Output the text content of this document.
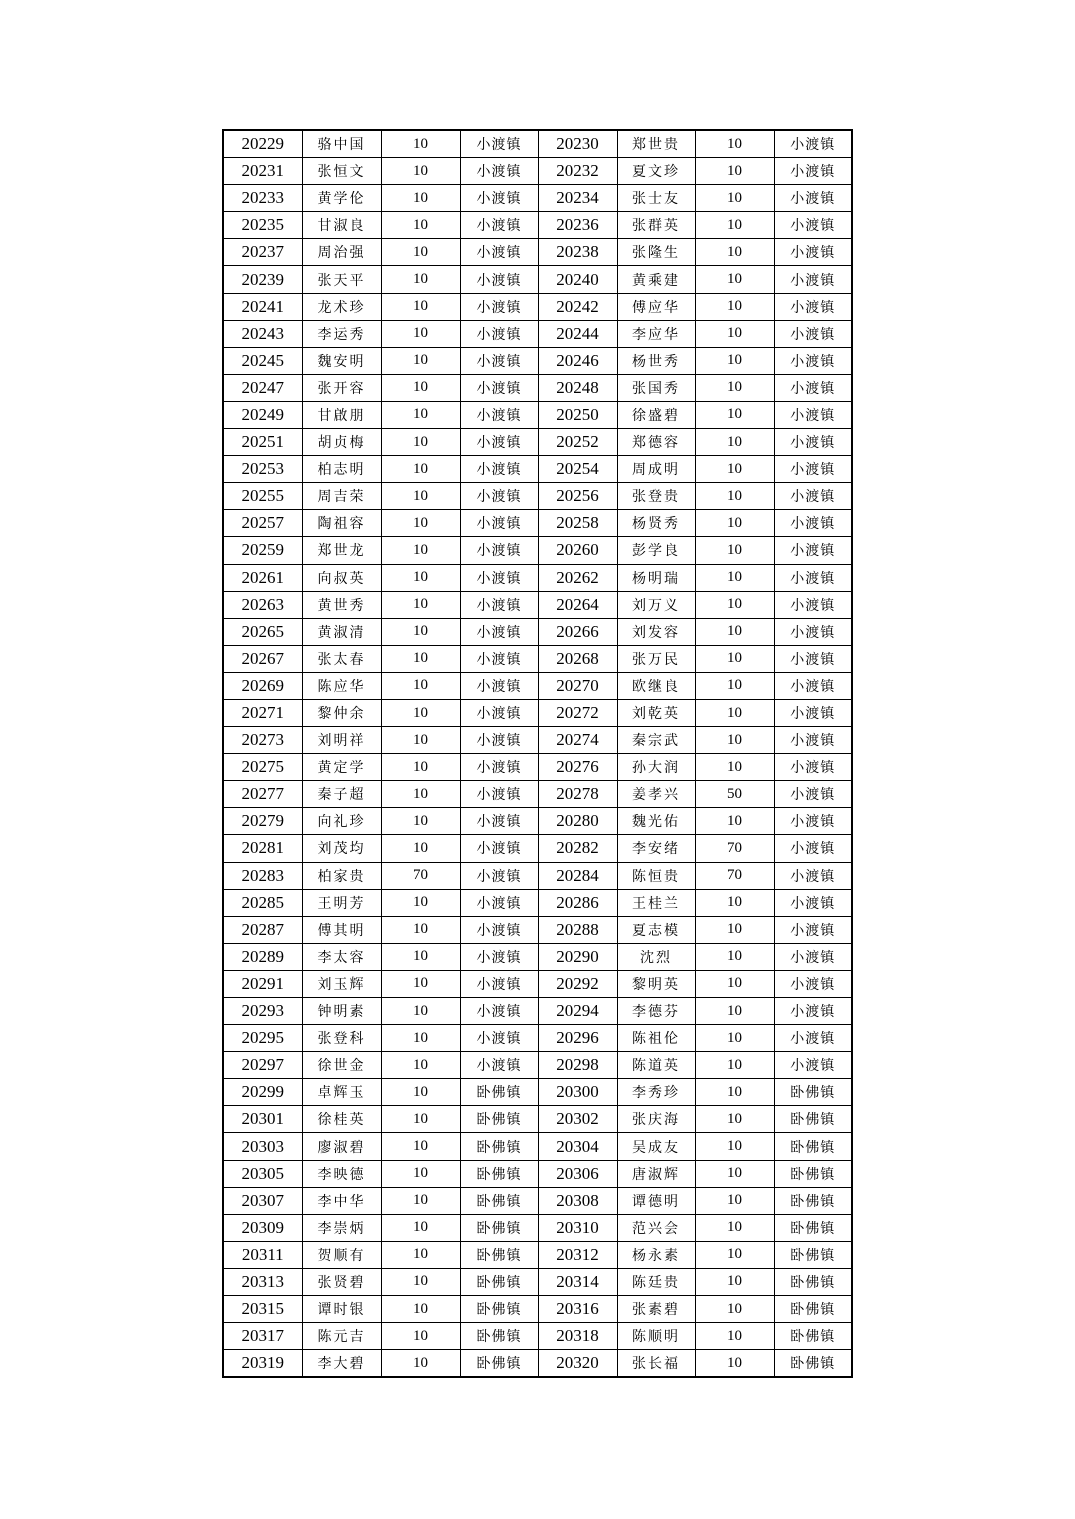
20229	骆中国	10	小渡镇	20230	郑世贵	10	小渡镇
20231	张恒文	10	小渡镇	20232	夏文珍	10	小渡镇
20233	黄学伦	10	小渡镇	20234	张士友	10	小渡镇
20235	甘淑良	10	小渡镇	20236	张群英	10	小渡镇
20237	周治强	10	小渡镇	20238	张隆生	10	小渡镇
20239	张天平	10	小渡镇	20240	黄乘建	10	小渡镇
20241	龙术珍	10	小渡镇	20242	傅应华	10	小渡镇
20243	李运秀	10	小渡镇	20244	李应华	10	小渡镇
20245	魏安明	10	小渡镇	20246	杨世秀	10	小渡镇
20247	张开容	10	小渡镇	20248	张国秀	10	小渡镇
20249	甘啟朋	10	小渡镇	20250	徐盛碧	10	小渡镇
20251	胡贞梅	10	小渡镇	20252	郑德容	10	小渡镇
20253	柏志明	10	小渡镇	20254	周成明	10	小渡镇
20255	周吉荣	10	小渡镇	20256	张登贵	10	小渡镇
20257	陶祖容	10	小渡镇	20258	杨贤秀	10	小渡镇
20259	郑世龙	10	小渡镇	20260	彭学良	10	小渡镇
20261	向叔英	10	小渡镇	20262	杨明瑞	10	小渡镇
20263	黄世秀	10	小渡镇	20264	刘万义	10	小渡镇
20265	黄淑清	10	小渡镇	20266	刘发容	10	小渡镇
20267	张太春	10	小渡镇	20268	张万民	10	小渡镇
20269	陈应华	10	小渡镇	20270	欧继良	10	小渡镇
20271	黎仲余	10	小渡镇	20272	刘乾英	10	小渡镇
20273	刘明祥	10	小渡镇	20274	秦宗武	10	小渡镇
20275	黄定学	10	小渡镇	20276	孙大润	10	小渡镇
20277	秦子超	10	小渡镇	20278	姜孝兴	50	小渡镇
20279	向礼珍	10	小渡镇	20280	魏光佑	10	小渡镇
20281	刘茂均	10	小渡镇	20282	李安绪	70	小渡镇
20283	柏家贵	70	小渡镇	20284	陈恒贵	70	小渡镇
20285	王明芳	10	小渡镇	20286	王桂兰	10	小渡镇
20287	傅其明	10	小渡镇	20288	夏志模	10	小渡镇
20289	李太容	10	小渡镇	20290	沈烈	10	小渡镇
20291	刘玉辉	10	小渡镇	20292	黎明英	10	小渡镇
20293	钟明素	10	小渡镇	20294	李德芬	10	小渡镇
20295	张登科	10	小渡镇	20296	陈祖伦	10	小渡镇
20297	徐世金	10	小渡镇	20298	陈道英	10	小渡镇
20299	卓辉玉	10	卧佛镇	20300	李秀珍	10	卧佛镇
20301	徐桂英	10	卧佛镇	20302	张庆海	10	卧佛镇
20303	廖淑碧	10	卧佛镇	20304	吴成友	10	卧佛镇
20305	李映德	10	卧佛镇	20306	唐淑辉	10	卧佛镇
20307	李中华	10	卧佛镇	20308	谭德明	10	卧佛镇
20309	李崇炳	10	卧佛镇	20310	范兴会	10	卧佛镇
20311	贺顺有	10	卧佛镇	20312	杨永素	10	卧佛镇
20313	张贤碧	10	卧佛镇	20314	陈廷贵	10	卧佛镇
20315	谭时银	10	卧佛镇	20316	张素碧	10	卧佛镇
20317	陈元吉	10	卧佛镇	20318	陈顺明	10	卧佛镇
20319	李大碧	10	卧佛镇	20320	张长福	10	卧佛镇
